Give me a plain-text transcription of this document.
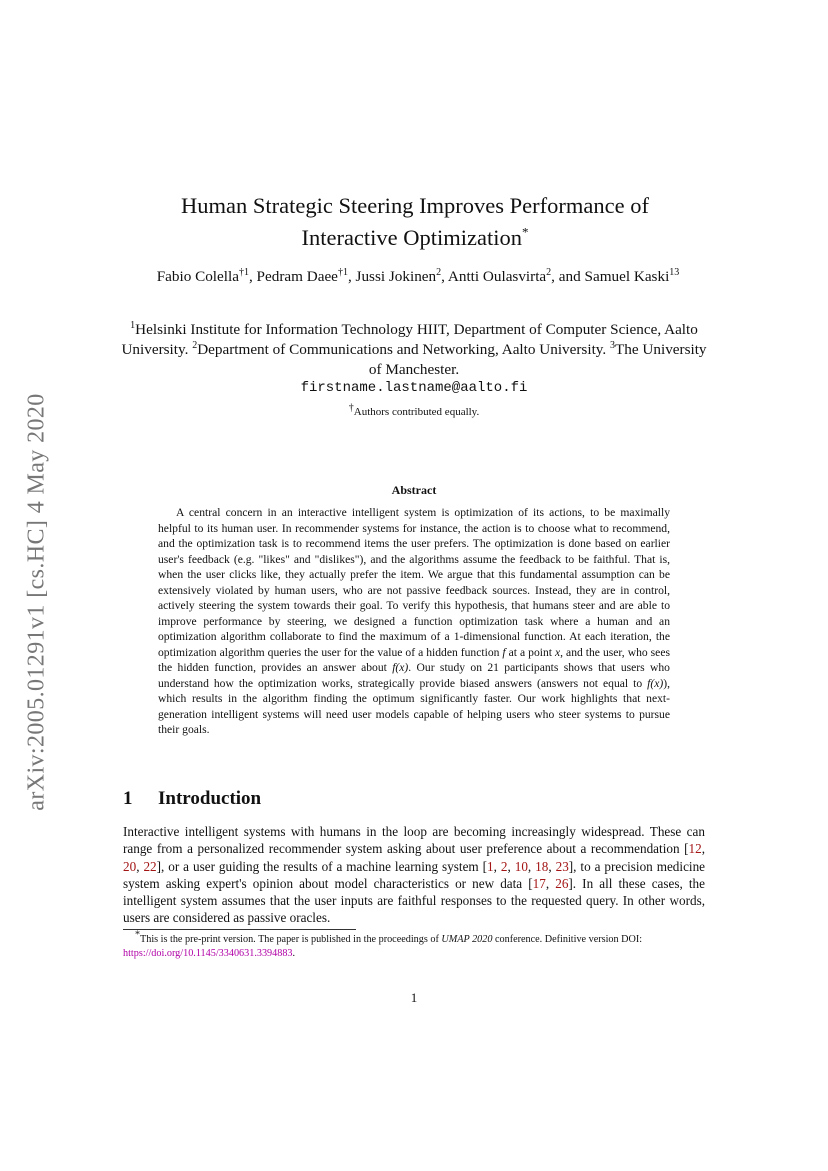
arXiv:2005.01291v1 [cs.HC] 4 May 2020
Human Strategic Steering Improves Performance of
Interactive Optimization*
Fabio Colella$^{\dagger 1}$, Pedram Daee$^{\dagger 1}$, Jussi Jokinen$^2$, Antti Oulasvirta$^2$, and Samuel Kaski$^{13}$
$^1$Helsinki Institute for Information Technology HIIT, Department of Computer Science, Aalto University. $^2$Department of Communications and Networking, Aalto University. $^3$The University of Manchester.
firstname.lastname@aalto.fi
†Authors contributed equally.
Abstract
A central concern in an interactive intelligent system is optimization of its actions, to be maximally helpful to its human user. In recommender systems for instance, the action is to choose what to recommend, and the optimization task is to recommend items the user prefers. The optimization is done based on earlier user's feedback (e.g. "likes" and "dislikes"), and the algorithms assume the feedback to be faithful. That is, when the user clicks like, they actually prefer the item. We argue that this fundamental assumption can be extensively violated by human users, who are not passive feedback sources. Instead, they are in control, actively steering the system towards their goal. To verify this hypothesis, that humans steer and are able to improve performance by steering, we designed a function optimization task where a human and an optimization algorithm collaborate to find the maximum of a 1-dimensional function. At each iteration, the optimization algorithm queries the user for the value of a hidden function f at a point x, and the user, who sees the hidden function, provides an answer about f(x). Our study on 21 participants shows that users who understand how the optimization works, strategically provide biased answers (answers not equal to f(x)), which results in the algorithm finding the optimum significantly faster. Our work highlights that next-generation intelligent systems will need user models capable of helping users who steer systems to pursue their goals.
1 Introduction
Interactive intelligent systems with humans in the loop are becoming increasingly widespread. These can range from a personalized recommender system asking about user preference about a recommendation [12, 20, 22], or a user guiding the results of a machine learning system [1, 2, 10, 18, 23], to a precision medicine system asking expert's opinion about model characteristics or new data [17, 26]. In all these cases, the intelligent system assumes that the user inputs are faithful responses to the requested query. In other words, users are considered as passive oracles.
*This is the pre-print version. The paper is published in the proceedings of UMAP 2020 conference. Definitive version DOI: https://doi.org/10.1145/3340631.3394883.
1
